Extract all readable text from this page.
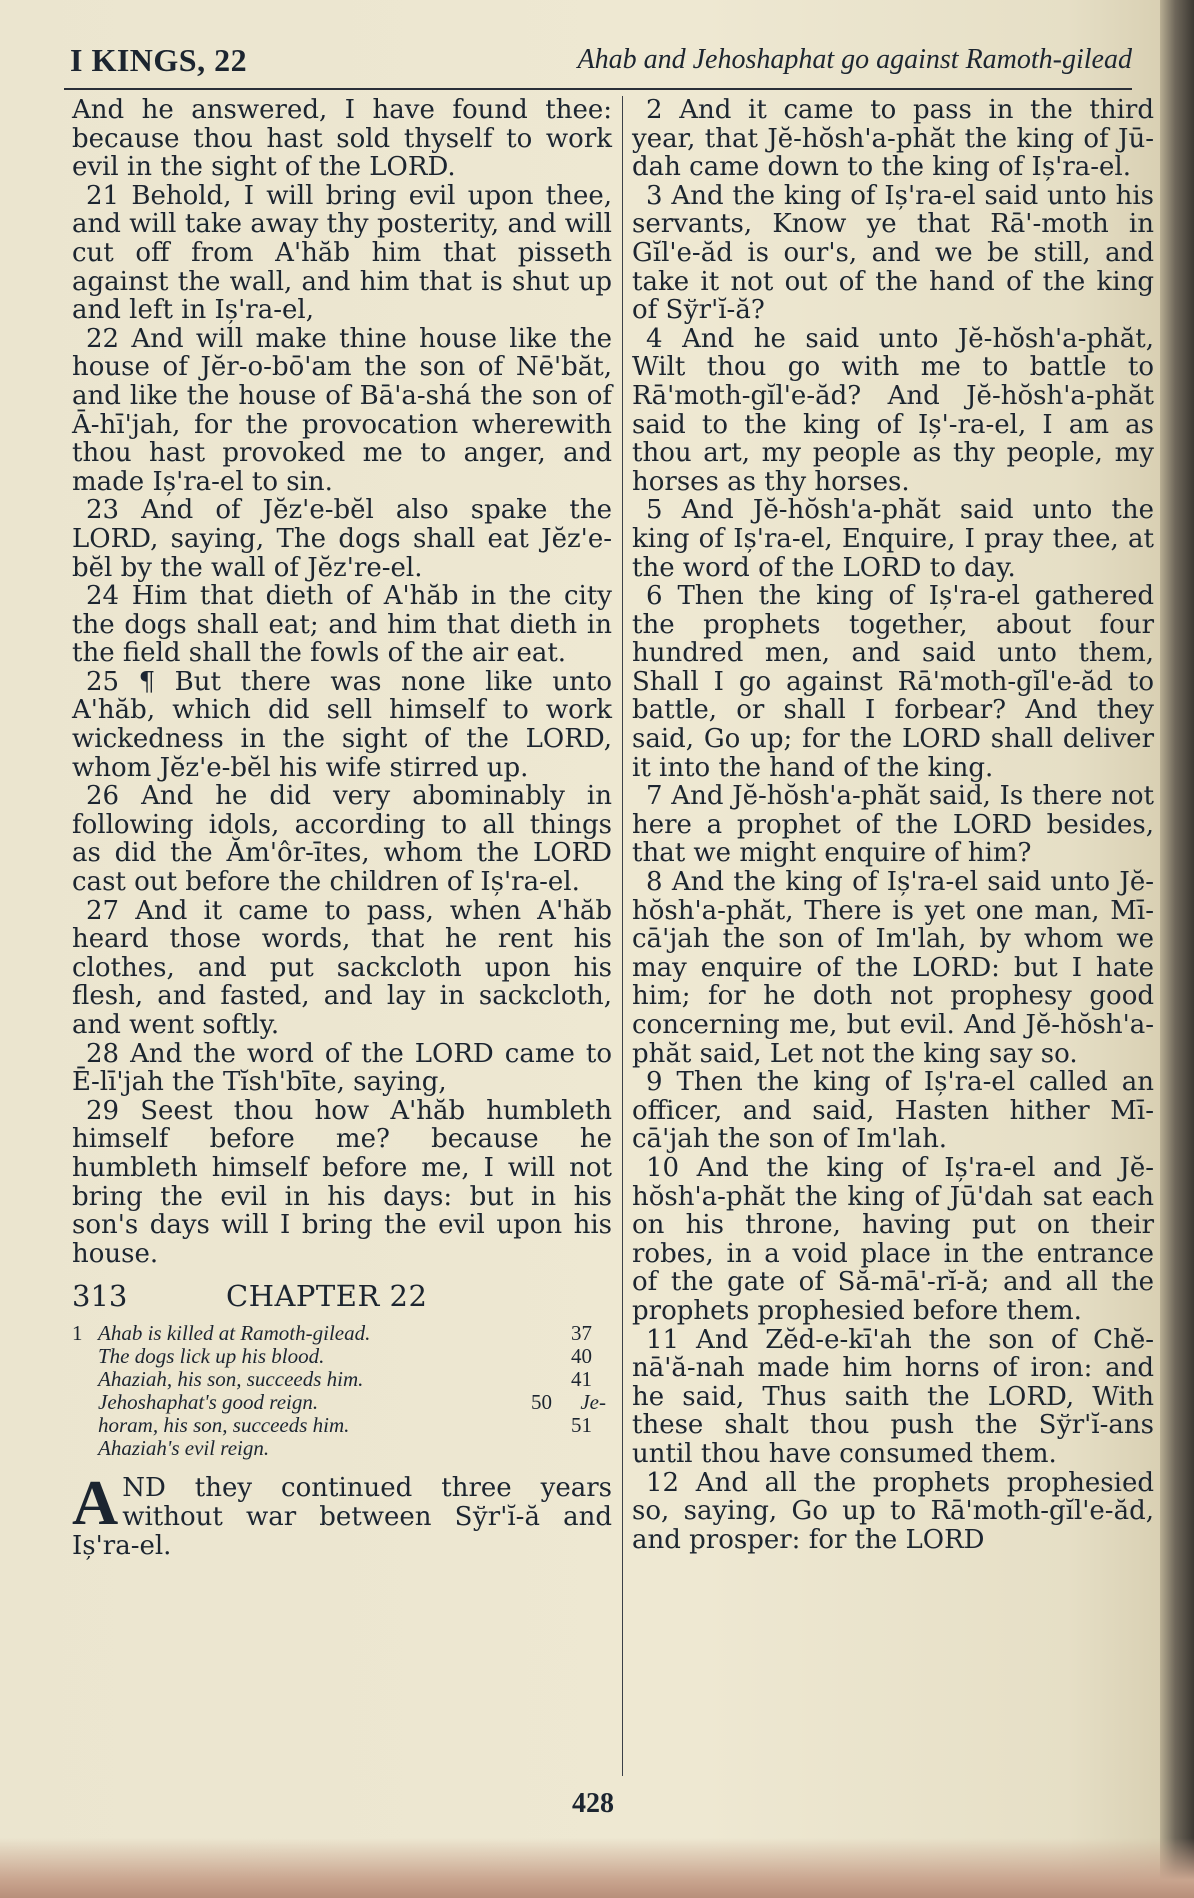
I KINGS, 22	Ahab and Jehoshaphat go against Ramoth-gilead

And he answered, I have found thee: because thou hast sold thyself to work evil in the sight of the LORD.

21 Behold, I will bring evil upon thee, and will take away thy posterity, and will cut off from A'hăb him that pisseth against the wall, and him that is shut up and left in Iș'ra-el,

22 And will make thine house like the house of Jĕr-o-bō'am the son of Nē'băt, and like the house of Bā'a-shá the son of Ā-hī'jah, for the provocation wherewith thou hast provoked me to anger, and made Iș'ra-el to sin.

23 And of Jĕz'e-bĕl also spake the LORD, saying, The dogs shall eat Jĕz'e-bĕl by the wall of Jĕz're-el.

24 Him that dieth of A'hăb in the city the dogs shall eat; and him that dieth in the field shall the fowls of the air eat.

25 ¶ But there was none like unto A'hăb, which did sell himself to work wickedness in the sight of the LORD, whom Jĕz'e-bĕl his wife stirred up.

26 And he did very abominably in following idols, according to all things as did the Ăm'ôr-ītes, whom the LORD cast out before the children of Iș'ra-el.

27 And it came to pass, when A'hăb heard those words, that he rent his clothes, and put sackcloth upon his flesh, and fasted, and lay in sackcloth, and went softly.

28 And the word of the LORD came to Ē-lī'jah the Tĭsh'bīte, saying,

29 Seest thou how A'hăb humbleth himself before me? because he humbleth himself before me, I will not bring the evil in his days: but in his son's days will I bring the evil upon his house.

313	CHAPTER 22
1 Ahab is killed at Ramoth-gilead.	37
The dogs lick up his blood.	40
Ahaziah, his son, succeeds him.	41
Jehoshaphat's good reign.	50 Je-
horam, his son, succeeds him.	51
Ahaziah's evil reign.
A ND they continued three years without war between Sўr'ĭ-ă and Iș'ra-el.

2 And it came to pass in the third year, that Jĕ-hŏsh'a-phăt the king of Jū-dah came down to the king of Iș'ra-el.

3 And the king of Iș'ra-el said unto his servants, Know ye that Rā'-moth in Gĭl'e-ăd is our's, and we be still, and take it not out of the hand of the king of Sўr'ĭ-ă?

4 And he said unto Jĕ-hŏsh'a-phăt, Wilt thou go with me to battle to Rā'moth-gĭl'e-ăd? And Jĕ-hŏsh'a-phăt said to the king of Iș'-ra-el, I am as thou art, my people as thy people, my horses as thy horses.

5 And Jĕ-hŏsh'a-phăt said unto the king of Iș'ra-el, Enquire, I pray thee, at the word of the LORD to day.

6 Then the king of Iș'ra-el gathered the prophets together, about four hundred men, and said unto them, Shall I go against Rā'moth-gĭl'e-ăd to battle, or shall I forbear? And they said, Go up; for the LORD shall deliver it into the hand of the king.

7 And Jĕ-hŏsh'a-phăt said, Is there not here a prophet of the LORD besides, that we might enquire of him?

8 And the king of Iș'ra-el said unto Jĕ-hŏsh'a-phăt, There is yet one man, Mī-cā'jah the son of Im'lah, by whom we may enquire of the LORD: but I hate him; for he doth not prophesy good concerning me, but evil. And Jĕ-hŏsh'a-phăt said, Let not the king say so.

9 Then the king of Iș'ra-el called an officer, and said, Hasten hither Mī-cā'jah the son of Im'lah.

10 And the king of Iș'ra-el and Jĕ-hŏsh'a-phăt the king of Jū'dah sat each on his throne, having put on their robes, in a void place in the entrance of the gate of Să-mā'-rĭ-ă; and all the prophets prophesied before them.

11 And Zĕd-e-kī'ah the son of Chĕ-nā'ă-nah made him horns of iron: and he said, Thus saith the LORD, With these shalt thou push the Sўr'ĭ-ans until thou have consumed them.

12 And all the prophets prophesied so, saying, Go up to Rā'moth-gĭl'e-ăd, and prosper: for the LORD

428
